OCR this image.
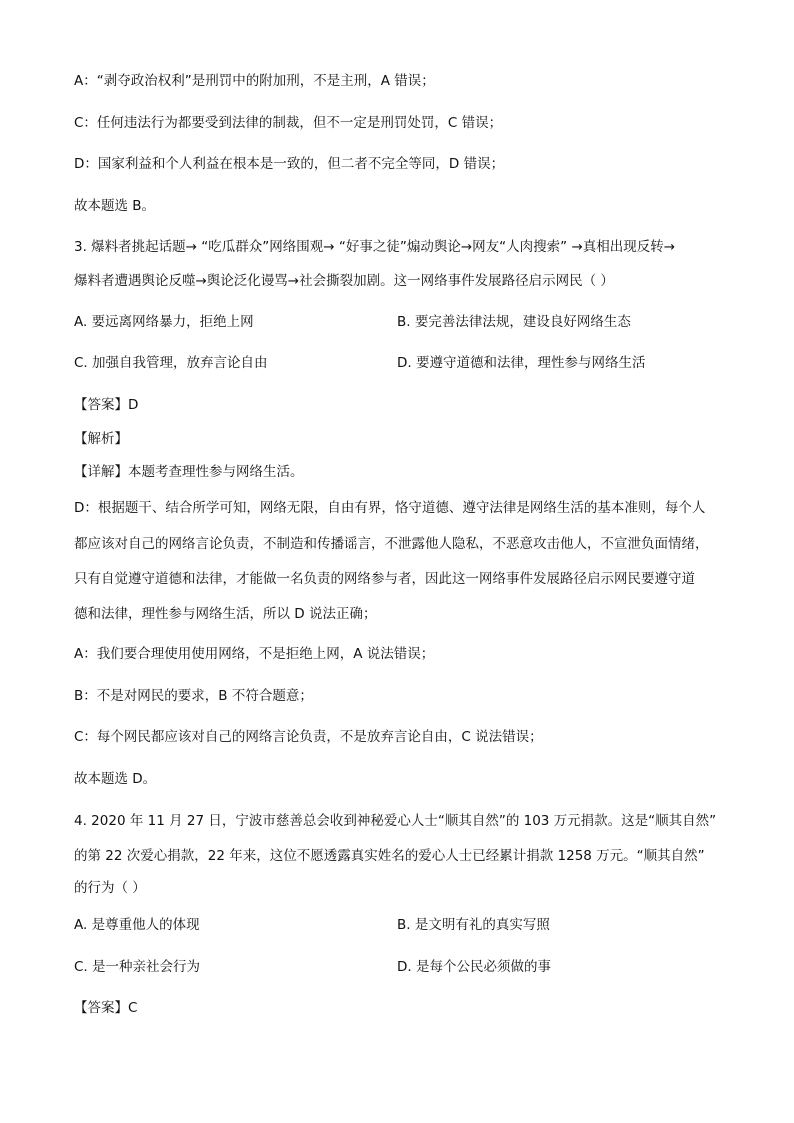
A：“剥夺政治权利”是刑罚中的附加刑，不是主刑，A 错误；
C：任何违法行为都要受到法律的制裁，但不一定是刑罚处罚，C 错误；
D：国家利益和个人利益在根本是一致的，但二者不完全等同，D 错误；
故本题选 B。
3. 爆料者挑起话题→ “吃瓜群众”网络围观→ “好事之徒”煽动舆论→网友“人肉搜索” →真相出现反转→
爆料者遭遇舆论反噬→舆论泛化谩骂→社会撕裂加剧。这一网络事件发展路径启示网民（ ）
A. 要远离网络暴力，拒绝上网	B. 要完善法律法规，建设良好网络生态
C. 加强自我管理，放弃言论自由	D. 要遵守道德和法律，理性参与网络生活
【答案】D
【解析】
【详解】本题考查理性参与网络生活。
D：根据题干、结合所学可知，网络无限，自由有界，恪守道德、遵守法律是网络生活的基本准则，每个人
都应该对自己的网络言论负责，不制造和传播谣言，不泄露他人隐私，不恶意攻击他人，不宣泄负面情绪，
只有自觉遵守道德和法律，才能做一名负责的网络参与者，因此这一网络事件发展路径启示网民要遵守道
德和法律，理性参与网络生活，所以 D 说法正确；
A：我们要合理使用使用网络，不是拒绝上网，A 说法错误；
B：不是对网民的要求，B 不符合题意；
C：每个网民都应该对自己的网络言论负责，不是放弃言论自由，C 说法错误；
故本题选 D。
4. 2020 年 11 月 27 日，宁波市慈善总会收到神秘爱心人士“顺其自然”的 103 万元捐款。这是“顺其自然”
的第 22 次爱心捐款，22 年来，这位不愿透露真实姓名的爱心人士已经累计捐款 1258 万元。“顺其自然”
的行为（ ）
A. 是尊重他人的体现	B. 是文明有礼的真实写照
C. 是一种亲社会行为	D. 是每个公民必须做的事
【答案】C
